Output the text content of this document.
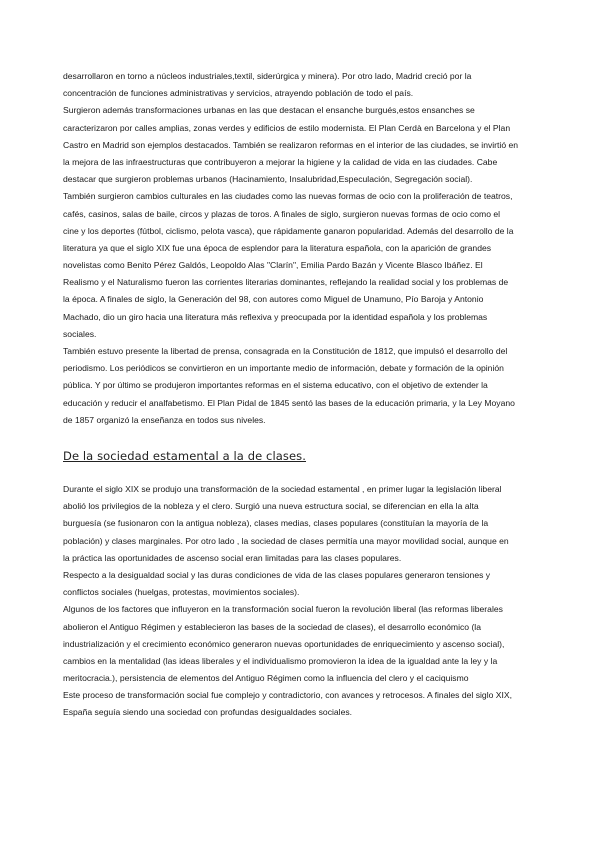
desarrollaron en torno a núcleos industriales,textil, siderúrgica y minera). Por otro lado, Madrid creció por la
concentración de funciones administrativas y servicios, atrayendo población de todo el país.
Surgieron además transformaciones urbanas en las que destacan el ensanche burgués,estos ensanches se
caracterizaron por calles amplias, zonas verdes y edificios de estilo modernista. El Plan Cerdà en Barcelona y el Plan
Castro en Madrid son ejemplos destacados. También se realizaron reformas en el interior de las ciudades, se invirtió en
la mejora de las infraestructuras que contribuyeron a mejorar la higiene y la calidad de vida en las ciudades. Cabe
destacar que surgieron problemas urbanos (Hacinamiento, Insalubridad,Especulación, Segregación social).
También surgieron cambios culturales en las ciudades como las nuevas formas de ocio con la proliferación de teatros,
cafés, casinos, salas de baile, circos y plazas de toros. A finales de siglo, surgieron nuevas formas de ocio como el
cine y los deportes (fútbol, ciclismo, pelota vasca), que rápidamente ganaron popularidad. Además del desarrollo de la
literatura ya que el siglo XIX fue una época de esplendor para la literatura española, con la aparición de grandes
novelistas como Benito Pérez Galdós, Leopoldo Alas "Clarín", Emilia Pardo Bazán y Vicente Blasco Ibáñez. El
Realismo y el Naturalismo fueron las corrientes literarias dominantes, reflejando la realidad social y los problemas de
la época. A finales de siglo, la Generación del 98, con autores como Miguel de Unamuno, Pío Baroja y Antonio
Machado, dio un giro hacia una literatura más reflexiva y preocupada por la identidad española y los problemas
sociales.
También estuvo presente la libertad de prensa, consagrada en la Constitución de 1812, que impulsó el desarrollo del
periodismo. Los periódicos se convirtieron en un importante medio de información, debate y formación de la opinión
pública. Y por último se produjeron importantes reformas en el sistema educativo, con el objetivo de extender la
educación y reducir el analfabetismo. El Plan Pidal de 1845 sentó las bases de la educación primaria, y la Ley Moyano
de 1857 organizó la enseñanza en todos sus niveles.
De la sociedad estamental a la de clases.
Durante el siglo XIX se produjo una transformación de la sociedad estamental , en primer lugar la legislación liberal
abolió los privilegios de la nobleza y el clero. Surgió una nueva estructura social, se diferencian en ella la alta
burguesía (se fusionaron con la antigua nobleza), clases medias, clases populares (constituían la mayoría de la
población) y clases marginales. Por otro lado , la sociedad de clases permitía una mayor movilidad social, aunque en
la práctica las oportunidades de ascenso social eran limitadas para las clases populares.
Respecto a la desigualdad social y las duras condiciones de vida de las clases populares generaron tensiones y
conflictos sociales (huelgas, protestas, movimientos sociales).
Algunos de los factores que influyeron en la transformación social fueron la revolución liberal (las reformas liberales
abolieron el Antiguo Régimen y establecieron las bases de la sociedad de clases), el desarrollo económico (la
industrialización y el crecimiento económico generaron nuevas oportunidades de enriquecimiento y ascenso social),
cambios en la mentalidad (las ideas liberales y el individualismo promovieron la idea de la igualdad ante la ley y la
meritocracia.), persistencia de elementos del Antiguo Régimen como la influencia del clero y el caciquismo
Este proceso de transformación social fue complejo y contradictorio, con avances y retrocesos. A finales del siglo XIX,
España seguía siendo una sociedad con profundas desigualdades sociales.
